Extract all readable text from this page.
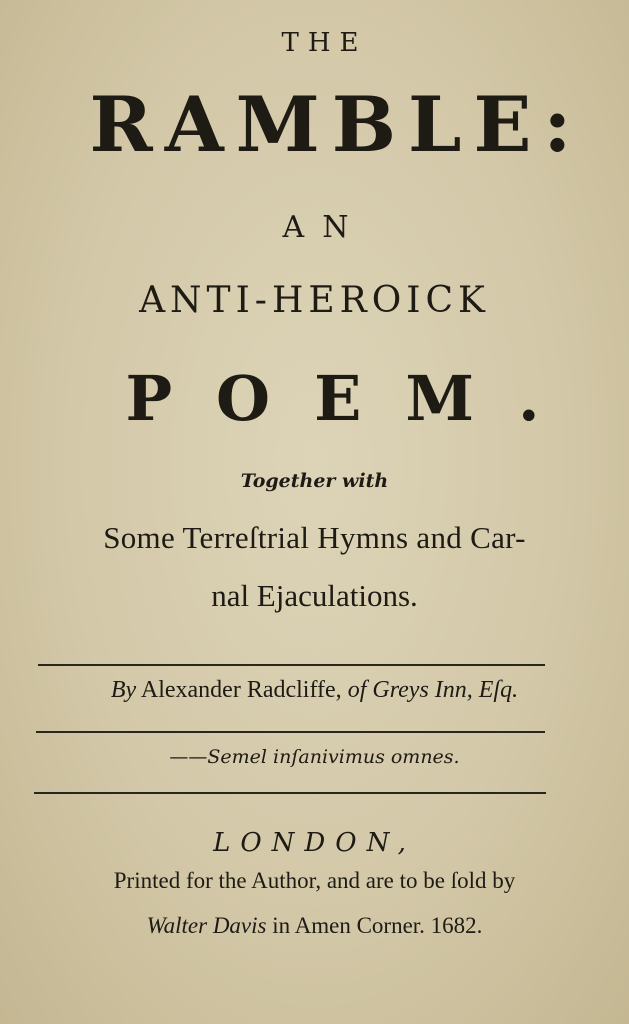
THE
RAMBLE:
AN
ANTI-HEROICK
POEM.
Together with
Some Terreſtrial Hymns and Car-
nal Ejaculations.
By Alexander Radcliffe, of Greys Inn, Eſq.
——Semel inſanivimus omnes.
LONDON,
Printed for the Author, and are to be ſold by
Walter Davis in Amen Corner. 1682.
